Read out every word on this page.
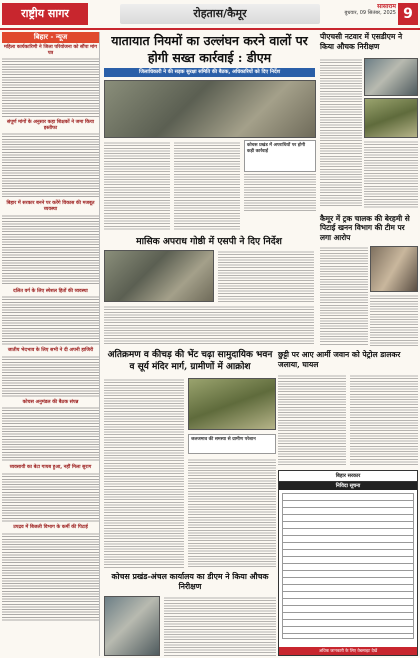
राष्ट्रीय सागर	रोहतास/कैमूर
सासाराम
बुधवार, 09 सितंबर, 2025 9
बिहार - न्यूज
महिला कार्यकारिणी ने जिला परियोजना को सौंपा मांग पत्र
संपूर्ण मांगों के अनुसार कहा शिक्षकों ने जमा किया इस्तीफा
बिहार में सरकार बनने पर करेंगे विकास की मजबूत व्यवस्था
दलित वर्ग के लिए स्पेशल हितों की व्यवस्था
जातीय भेदभाव के लिए सभी ने दी अपनी हाजिरी
कोचस अनुमंडल की बैठक संपन्न
व्यवसायी का बेटा गायब हुआ, नहीं मिला सुराग
उपद्रव में बिजली विभाग के कर्मी की पिटाई
यातायात नियमों का उल्लंघन करने वालों पर होगी सख्त कार्रवाई : डीएम
जिलाधिकारी ने की सड़क सुरक्षा समिति की बैठक, अधिकारियों को दिए निर्देश
कोचस प्रखंड में अपराधियों पर होगी कड़ी कार्रवाई
पीएचसी नटवार में एसडीएम ने किया औचक निरीक्षण
कैमूर में ट्रक चालक की बेरहमी से पिटाई खनन विभाग की टीम पर लगा आरोप
छुट्टी पर आए आर्मी जवान को पेट्रोल डालकर जलाया, घायल
मासिक अपराध गोष्ठी में एसपी ने दिए निर्देश
अतिक्रमण व कीचड़ की भेंट चढ़ा सामुदायिक भवन व सूर्य मंदिर मार्ग, ग्रामीणों में आक्रोश
जलजमाव की समस्या से ग्रामीण परेशान
बिहार सरकार
निविदा सूचना
अधिक जानकारी के लिए वेबसाइट देखें
कोचस प्रखंड-अंचल कार्यालय का डीएम ने किया औचक निरीक्षण
